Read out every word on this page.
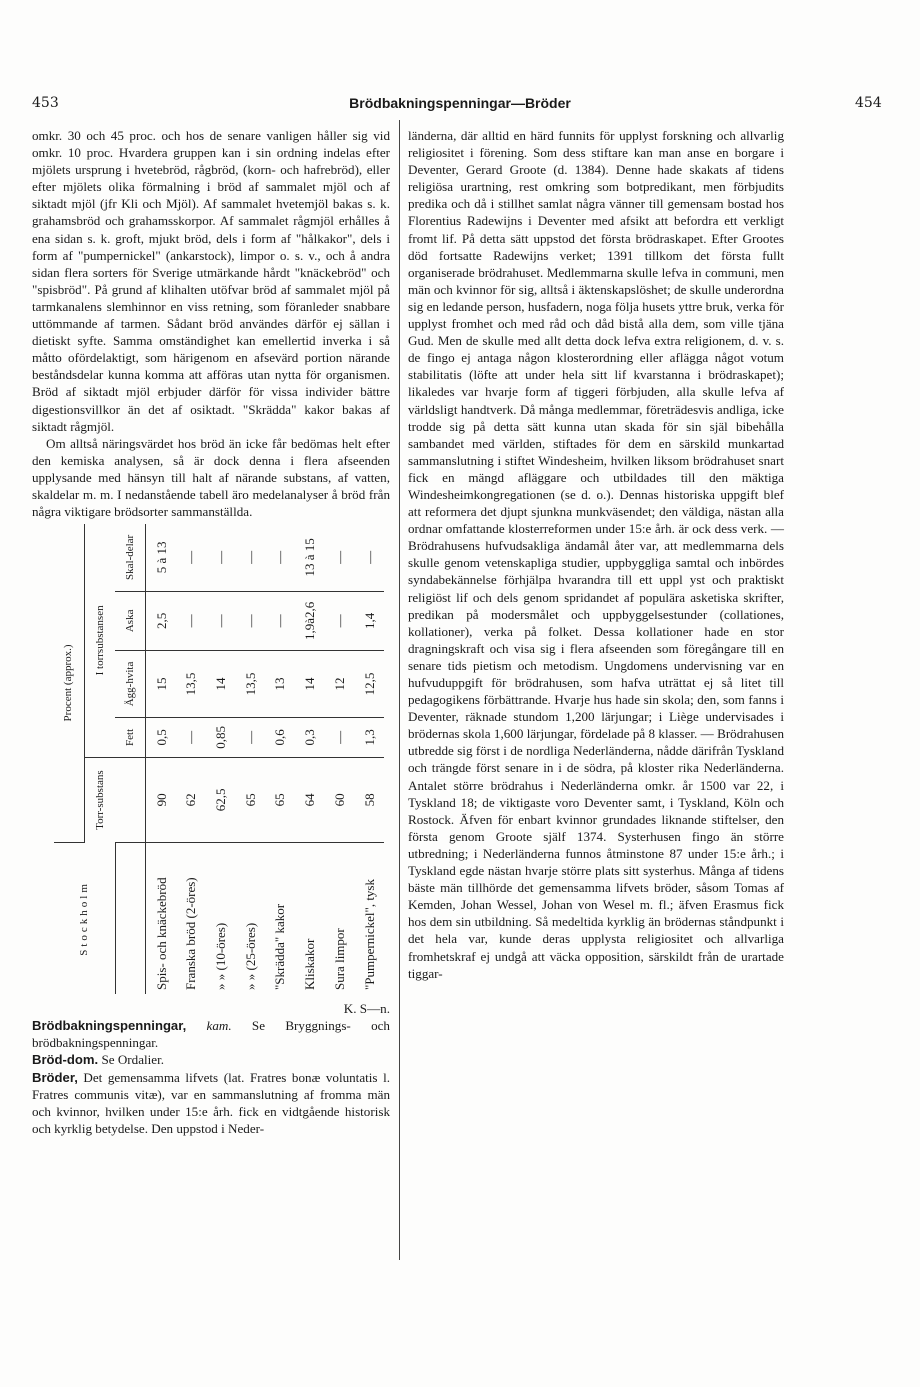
453	Brödbakningspenningar—Bröder	454

omkr. 30 och 45 proc. och hos de senare vanligen håller sig vid omkr. 10 proc. Hvardera gruppen kan i sin ordning indelas efter mjölets ursprung i hvetebröd, rågbröd, (korn- och hafrebröd), eller efter mjölets olika förmalning i bröd af sammalet mjöl och af siktadt mjöl (jfr Kli och Mjöl). Af sammalet hvetemjöl bakas s. k. grahamsbröd och grahamsskorpor. Af sammalet rågmjöl erhålles å ena sidan s. k. groft, mjukt bröd, dels i form af "hålkakor", dels i form af "pumpernickel" (ankarstock), limpor o. s. v., och å andra sidan flera sorters för Sverige utmärkande hårdt "knäckebröd" och "spisbröd". På grund af klihalten utöfvar bröd af sammalet mjöl på tarmkanalens slemhinnor en viss retning, som föranleder snabbare uttömmande af tarmen. Sådant bröd användes därför ej sällan i dietiskt syfte. Samma omständighet kan emellertid inverka i så måtto ofördelaktigt, som härigenom en afsevärd portion närande beståndsdelar kunna komma att afföras utan nytta för organismen. Bröd af siktadt mjöl erbjuder därför för vissa individer bättre digestionsvillkor än det af osiktadt. "Skrädda" kakor bakas af siktadt rågmjöl.

Om alltså näringsvärdet hos bröd än icke får bedömas helt efter den kemiska analysen, så är dock denna i flera afseenden upplysande med hänsyn till halt af närande substans, af vatten, skaldelar m. m. I nedanstående tabell äro medelanalyser å bröd från några viktigare brödsorter sammanställda.

Stockholm	Procent (approx.)				
	Torr-substans	I torrsubstansen			
		Fett	Ägg-hvita	Aska	Skal-delar
Spis- och knäckebröd	90	0,5	15	2,5	5 à 13
Franska bröd (2-öres)	62	—	13,5	—	—
» » (10-öres)	62,5	0,85	14	—	—
» » (25-öres)	65	—	13,5	—	—
"Skrädda" kakor	65	0,6	13	—	—
Kliskakor	64	0,3	14	1,9à2,6	13 à 15
Sura limpor	60	—	12	—	—
"Pumpernickel", tysk	58	1,3	12,5	1,4	—

K. S—n.

Brödbakningspenningar, kam. Se Bryggnings- och brödbakningspenningar.

Bröd-dom. Se Ordalier.

Bröder, Det gemensamma lifvets (lat. Fratres bonæ voluntatis l. Fratres communis vitæ), var en sammanslutning af fromma män och kvinnor, hvilken under 15:e årh. fick en vidtgående historisk och kyrklig betydelse. Den uppstod i Neder-

länderna, där alltid en härd funnits för upplyst forskning och allvarlig religiositet i förening. Som dess stiftare kan man anse en borgare i Deventer, Gerard Groote (d. 1384). Denne hade skakats af tidens religiösa urartning, rest omkring som botpredikant, men förbjudits predika och då i stillhet samlat några vänner till gemensam bostad hos Florentius Radewijns i Deventer med afsikt att befordra ett verkligt fromt lif. På detta sätt uppstod det första brödraskapet. Efter Grootes död fortsatte Radewijns verket; 1391 tillkom det första fullt organiserade brödrahuset. Medlemmarna skulle lefva in communi, men män och kvinnor för sig, alltså i äktenskapslöshet; de skulle underordna sig en ledande person, husfadern, noga följa husets yttre bruk, verka för upplyst fromhet och med råd och dåd bistå alla dem, som ville tjäna Gud. Men de skulle med allt detta dock lefva extra religionem, d. v. s. de fingo ej antaga någon klosterordning eller aflägga något votum stabilitatis (löfte att under hela sitt lif kvarstanna i brödraskapet); likaledes var hvarje form af tiggeri förbjuden, alla skulle lefva af världsligt handtverk. Då många medlemmar, företrädesvis andliga, icke trodde sig på detta sätt kunna utan skada för sin själ bibehålla sambandet med världen, stiftades för dem en särskild munkartad sammanslutning i stiftet Windesheim, hvilken liksom brödrahuset snart fick en mängd afläggare och utbildades till den mäktiga Windesheimkongregationen (se d. o.). Dennas historiska uppgift blef att reformera det djupt sjunkna munkväsendet; den väldiga, nästan alla ordnar omfattande klosterreformen under 15:e årh. är ock dess verk. — Brödrahusens hufvudsakliga ändamål åter var, att medlemmarna dels skulle genom vetenskapliga studier, uppbyggliga samtal och inbördes syndabekännelse förhjälpa hvarandra till ett uppl yst och praktiskt religiöst lif och dels genom spridandet af populära asketiska skrifter, predikan på modersmålet och uppbyggelsestunder (collationes, kollationer), verka på folket. Dessa kollationer hade en stor dragningskraft och visa sig i flera afseenden som föregångare till en senare tids pietism och metodism. Ungdomens undervisning var en hufvuduppgift för brödrahusen, som hafva uträttat ej så litet till pedagogikens förbättrande. Hvarje hus hade sin skola; den, som fanns i Deventer, räknade stundom 1,200 lärjungar; i Liège undervisades i brödernas skola 1,600 lärjungar, fördelade på 8 klasser. — Brödrahusen utbredde sig först i de nordliga Nederländerna, nådde därifrån Tyskland och trängde först senare in i de södra, på kloster rika Nederländerna. Antalet större brödrahus i Nederländerna omkr. år 1500 var 22, i Tyskland 18; de viktigaste voro Deventer samt, i Tyskland, Köln och Rostock. Äfven för enbart kvinnor grundades liknande stiftelser, den första genom Groote själf 1374. Systerhusen fingo än större utbredning; i Nederländerna funnos åtminstone 87 under 15:e årh.; i Tyskland egde nästan hvarje större plats sitt systerhus. Många af tidens bäste män tillhörde det gemensamma lifvets bröder, såsom Tomas af Kemden, Johan Wessel, Johan von Wesel m. fl.; äfven Erasmus fick hos dem sin utbildning. Så medeltida kyrklig än brödernas ståndpunkt i det hela var, kunde deras upplysta religiositet och allvarliga fromhetskraf ej undgå att väcka opposition, särskildt från de urartade tiggar-
